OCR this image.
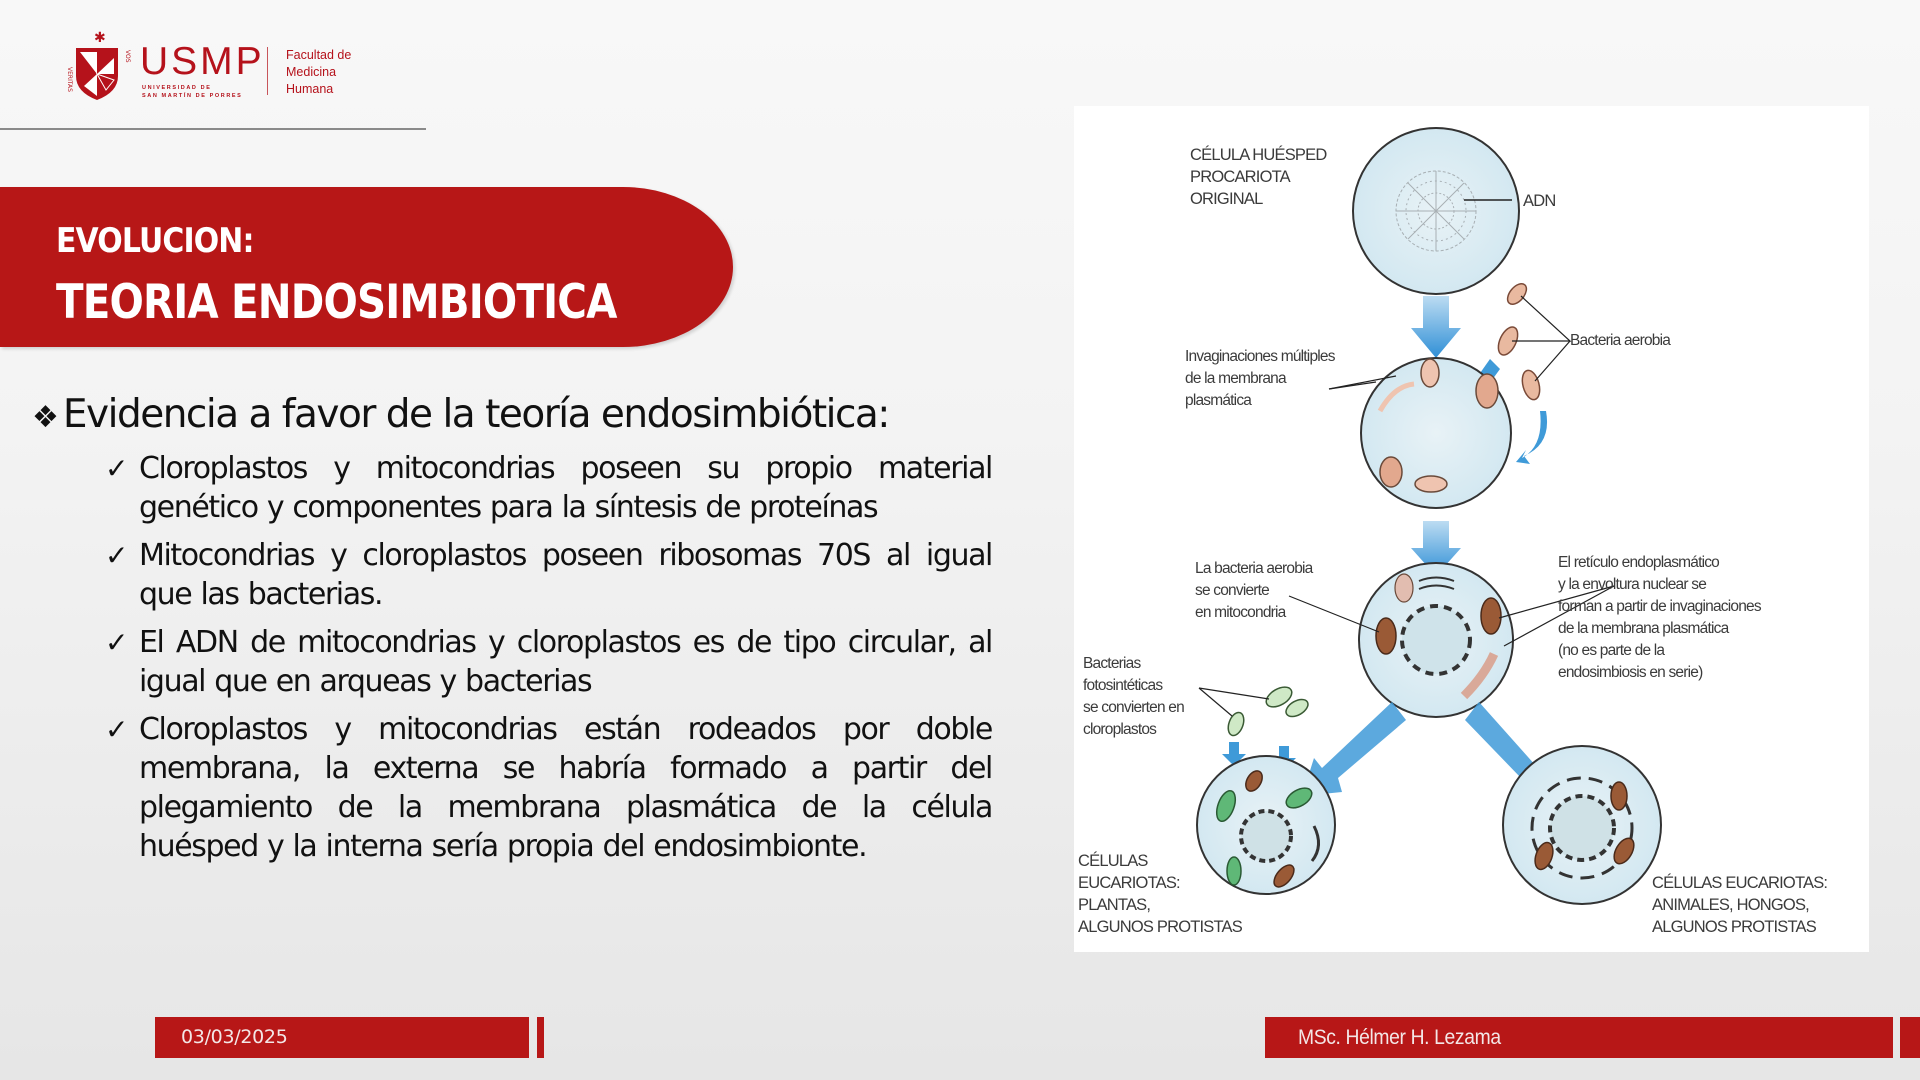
✱
VERITAS
VOS USMP
UNIVERSIDAD DE
SAN MARTÍN DE PORRES
Facultad de
Medicina
Humana
EVOLUCION:
TEORIA ENDOSIMBIOTICA
❖ Evidencia a favor de la teoría endosimbiótica:
✓ Cloroplastos y mitocondrias poseen su propio material genético y componentes para la síntesis de proteínas
✓ Mitocondrias y cloroplastos poseen ribosomas 70S al igual que las bacterias.
✓ El ADN de mitocondrias y cloroplastos es de tipo circular, al igual que en arqueas y bacterias
✓ Cloroplastos y mitocondrias están rodeados por doble membrana, la externa se habría formado a partir del plegamiento de la membrana plasmática de la célula huésped y la interna sería propia del endosimbionte.
CÉLULA HUÉSPED
PROCARIOTA
ORIGINAL	ADN
Bacteria aerobia
Invaginaciones múltiples
de la membrana
plasmática
La bacteria aerobia
se convierte
en mitocondria
El retículo endoplasmático
y la envoltura nuclear se
forman a partir de invaginaciones
de la membrana plasmática
(no es parte de la
endosimbiosis en serie)
Bacterias
fotosintéticas
se convierten en
cloroplastos
CÉLULAS
EUCARIOTAS:
PLANTAS,
ALGUNOS PROTISTAS
CÉLULAS EUCARIOTAS:
ANIMALES, HONGOS,
ALGUNOS PROTISTAS
03/03/2025	MSc. Hélmer H. Lezama
